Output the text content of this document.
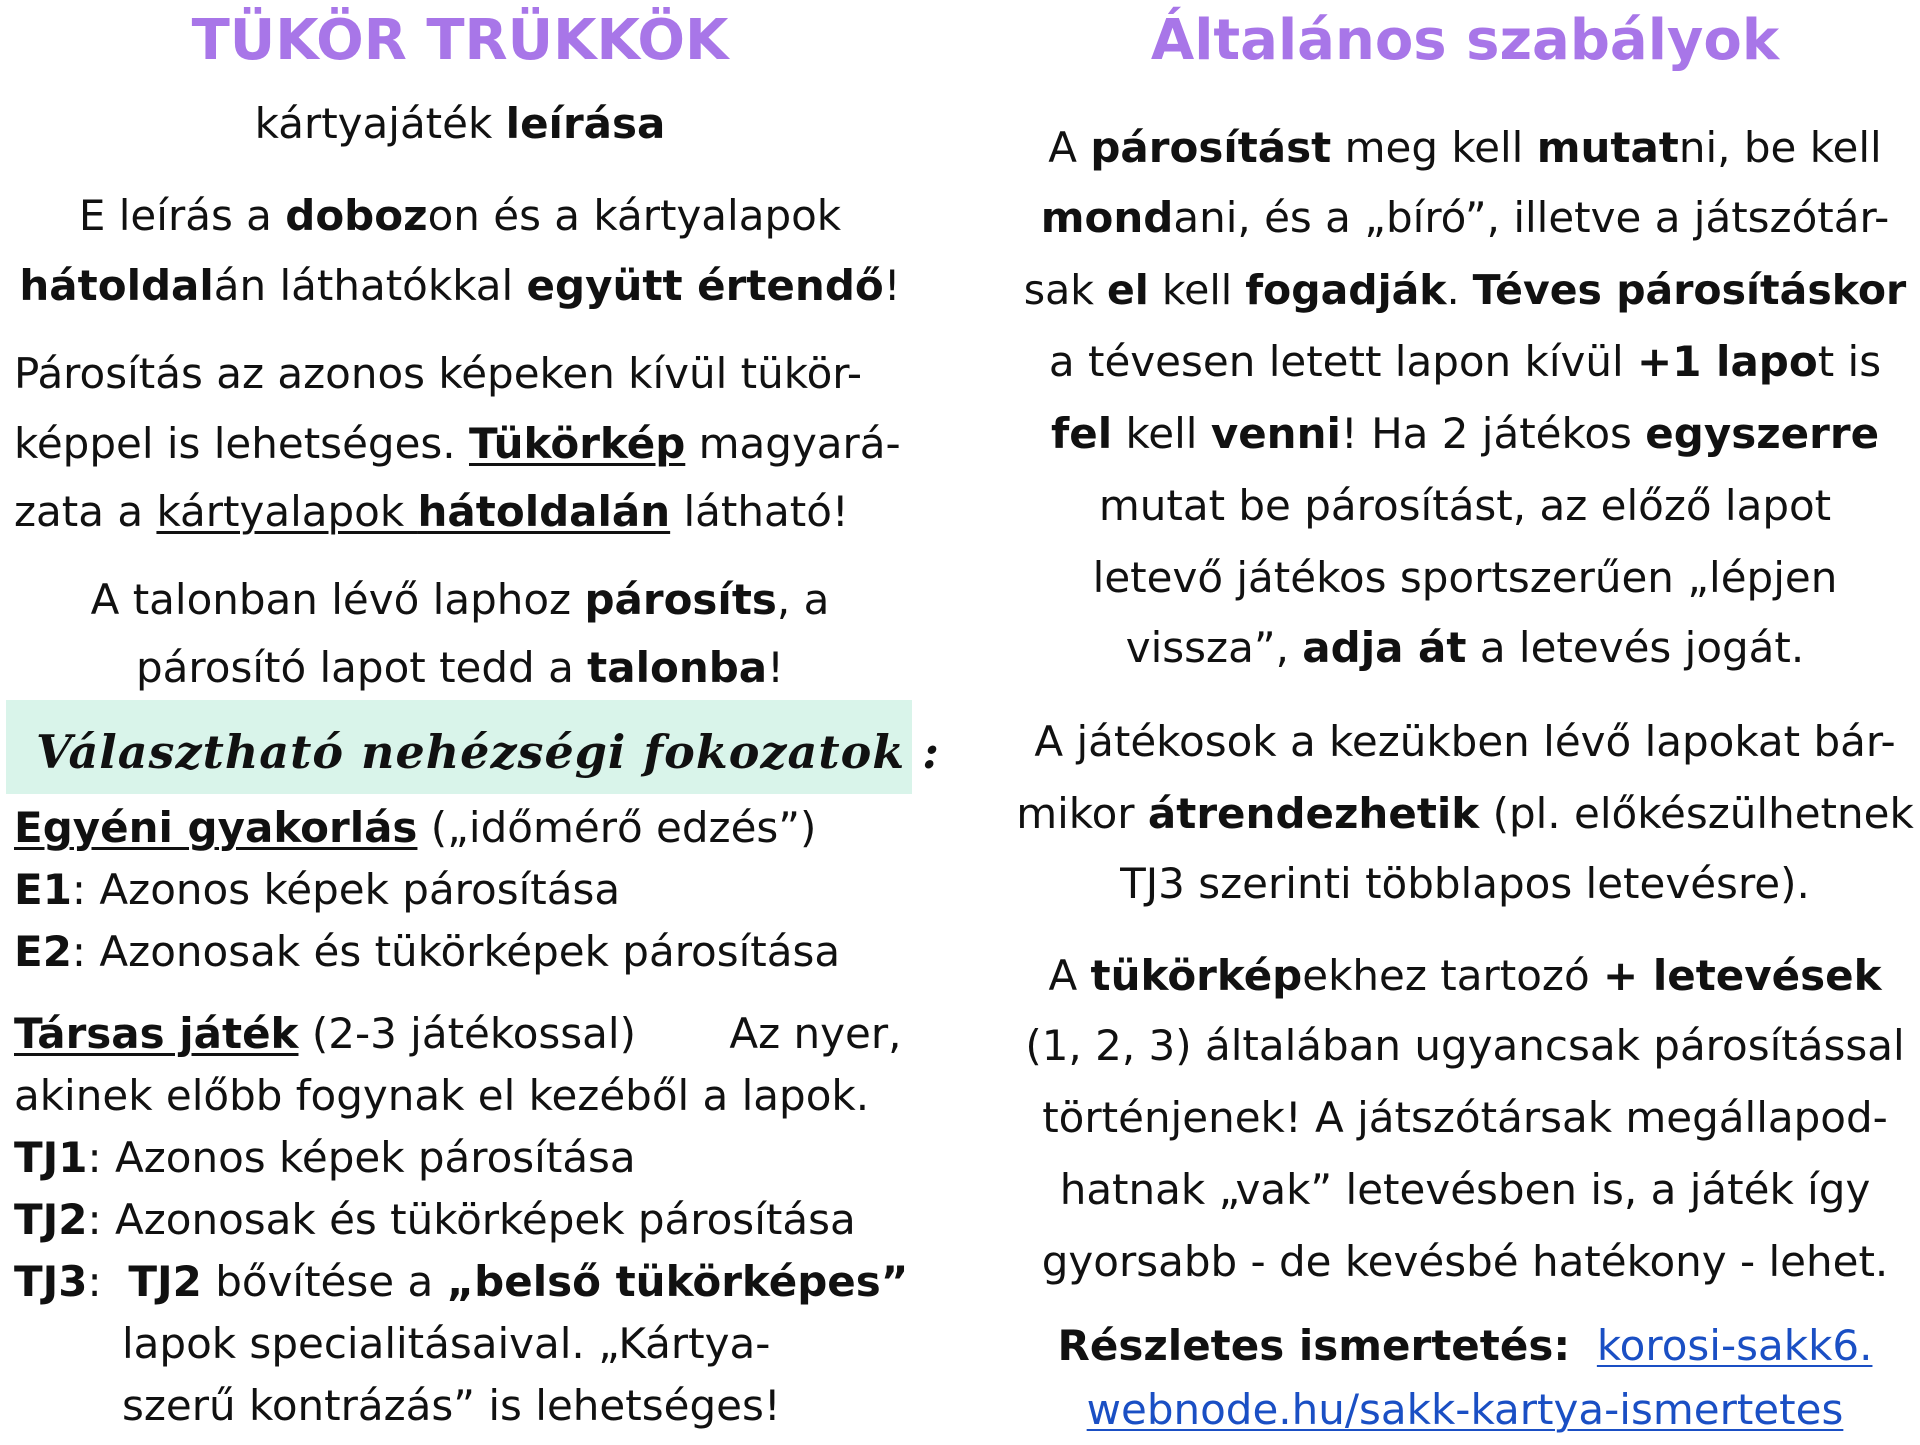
TÜKÖR TRÜKKÖK
kártyajáték leírása
E leírás a dobozon és a kártyalapok
hátoldalán láthatókkal együtt értendő!
Párosítás az azonos képeken kívül tükör-
képpel is lehetséges. Tükörkép magyará-
zata a kártyalapok hátoldalán látható!
A talonban lévő laphoz párosíts, a
párosító lapot tedd a talonba!
Választható nehézségi fokozatok :
Egyéni gyakorlás („időmérő edzés”)
E1: Azonos képek párosítása
E2: Azonosak és tükörképek párosítása
Társas játék (2-3 játékossal)       Az nyer,
akinek előbb fogynak el kezéből a lapok.
TJ1: Azonos képek párosítása
TJ2: Azonosak és tükörképek párosítása
TJ3:  TJ2 bővítése a „belső tükörképes”
lapok specialitásaival. „Kártya-
szerű kontrázás” is lehetséges!
Általános szabályok
A párosítást meg kell mutatni, be kell
mondani, és a „bíró”, illetve a játszótár-
sak el kell fogadják. Téves párosításkor
a tévesen letett lapon kívül +1 lapot is
fel kell venni! Ha 2 játékos egyszerre
mutat be párosítást, az előző lapot
letevő játékos sportszerűen „lépjen
vissza”, adja át a letevés jogát.
A játékosok a kezükben lévő lapokat bár-
mikor átrendezhetik (pl. előkészülhetnek
TJ3 szerinti többlapos letevésre).
A tükörképekhez tartozó + letevések
(1, 2, 3) általában ugyancsak párosítással
történjenek! A játszótársak megállapod-
hatnak „vak” letevésben is, a játék így
gyorsabb - de kevésbé hatékony - lehet.
Részletes ismertetés: korosi-sakk6.
webnode.hu/sakk-kartya-ismertetes
